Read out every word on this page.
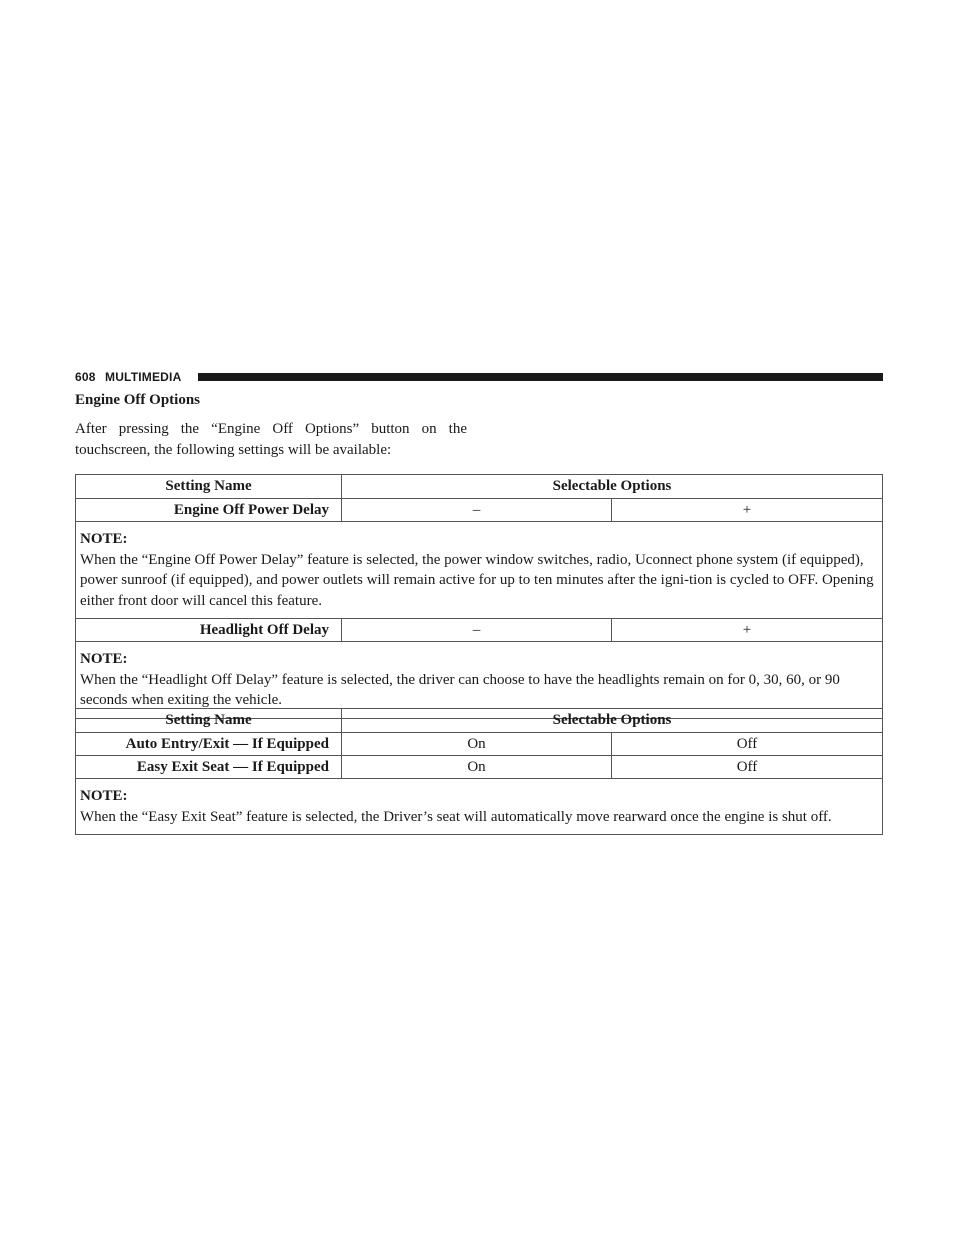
608 MULTIMEDIA
Engine Off Options
After pressing the “Engine Off Options” button on the touchscreen, the following settings will be available:
Setting Name	Selectable Options	
Engine Off Power Delay	–	+

NOTE:
When the “Engine Off Power Delay” feature is selected, the power window switches, radio, Uconnect phone system (if equipped), power sunroof (if equipped), and power outlets will remain active for up to ten minutes after the igni-tion is cycled to OFF. Opening either front door will cancel this feature.		
Headlight Off Delay	–	+

NOTE:
When the “Headlight Off Delay” feature is selected, the driver can choose to have the headlights remain on for 0, 30, 60, or 90 seconds when exiting the vehicle.		
Setting Name	Selectable Options	
Auto Entry/Exit — If Equipped	On	Off
Easy Exit Seat — If Equipped	On	Off

NOTE:
When the “Easy Exit Seat” feature is selected, the Driver’s seat will automatically move rearward once the engine is shut off.		
